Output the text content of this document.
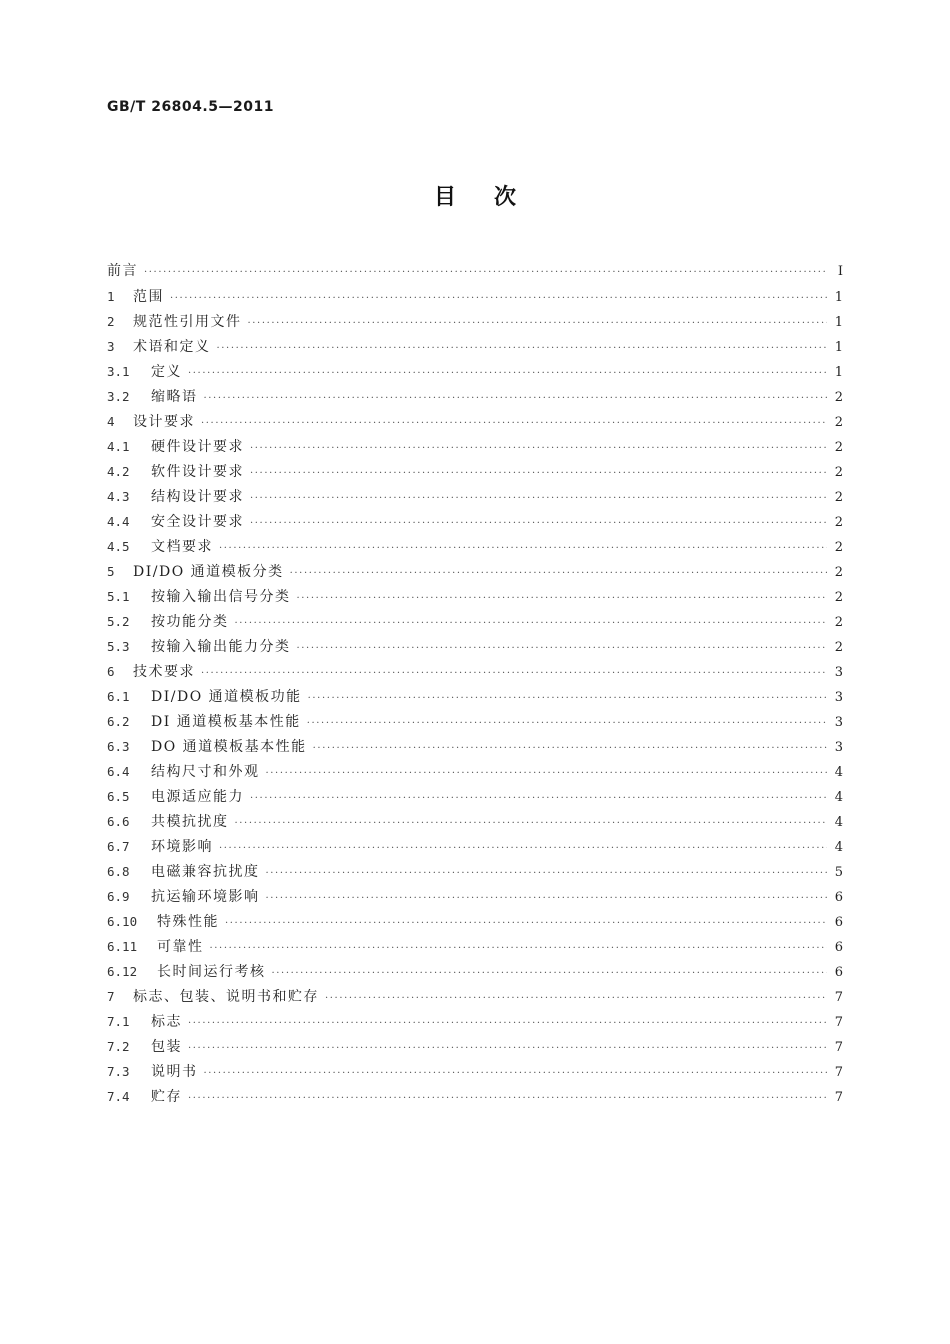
GB/T 26804.5—2011
目次
前言 ·····	Ⅰ
1	范围 ·····	1
2	规范性引用文件 ·····	1
3	术语和定义 ·····	1
3.1	定义 ·····	1
3.2	缩略语 ·····	2
4	设计要求 ·····	2
4.1	硬件设计要求 ·····	2
4.2	软件设计要求 ·····	2
4.3	结构设计要求 ·····	2
4.4	安全设计要求 ·····	2
4.5	文档要求 ·····	2
5	DI/DO 通道模板分类 ·····	2
5.1	按输入输出信号分类 ·····	2
5.2	按功能分类 ·····	2
5.3	按输入输出能力分类 ·····	2
6	技术要求 ·····	3
6.1	DI/DO 通道模板功能 ·····	3
6.2	DI 通道模板基本性能 ·····	3
6.3	DO 通道模板基本性能 ·····	3
6.4	结构尺寸和外观 ·····	4
6.5	电源适应能力 ·····	4
6.6	共模抗扰度 ·····	4
6.7	环境影响 ·····	4
6.8	电磁兼容抗扰度 ·····	5
6.9	抗运输环境影响 ·····	6
6.10	特殊性能 ·····	6
6.11	可靠性 ·····	6
6.12	长时间运行考核 ·····	6
7	标志、包装、说明书和贮存 ·····	7
7.1	标志 ·····	7
7.2	包装 ·····	7
7.3	说明书 ·····	7
7.4	贮存 ·····	7
